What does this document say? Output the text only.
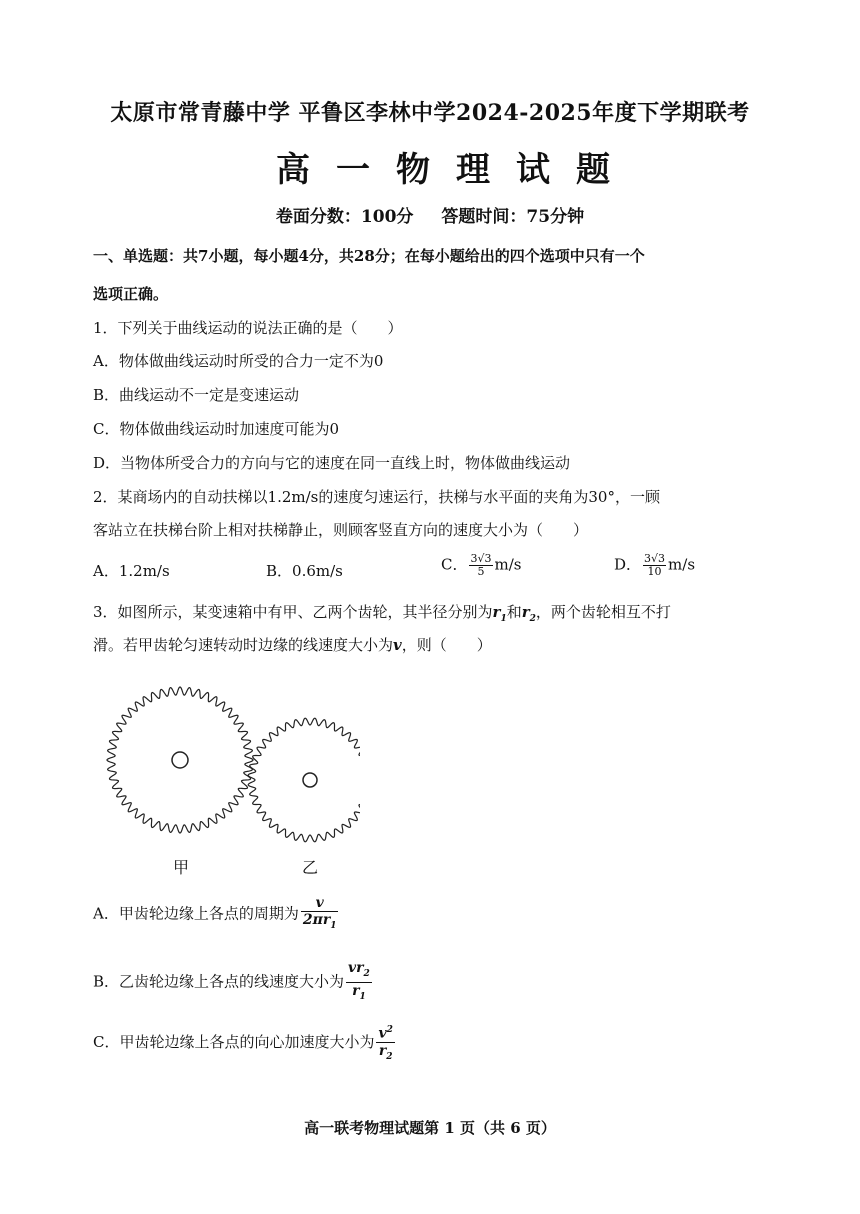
太原市常青藤中学 平鲁区李林中学2024-2025年度下学期联考
高一物理试题
卷面分数：100分 答题时间：75分钟
一、单选题：共7小题，每小题4分，共28分；在每小题给出的四个选项中只有一个
选项正确。
1．下列关于曲线运动的说法正确的是（　　）
A．物体做曲线运动时所受的合力一定不为0
B．曲线运动不一定是变速运动
C．物体做曲线运动时加速度可能为0
D．当物体所受合力的方向与它的速度在同一直线上时，物体做曲线运动
2．某商场内的自动扶梯以1.2m/s的速度匀速运行，扶梯与水平面的夹角为30°，一顾
客站立在扶梯台阶上相对扶梯静止，则顾客竖直方向的速度大小为（　　）
A．1.2m/s	B．0.6m/s	C． $\frac{3√3}{5} m/s$	D． $\frac{3√3}{10} m/s$
3．如图所示，某变速箱中有甲、乙两个齿轮，其半径分别为$r_1$和$r_2$，两个齿轮相互不打
滑。若甲齿轮匀速转动时边缘的线速度大小为v，则（　　）
甲	乙
A．甲齿轮边缘上各点的周期为 $\frac{v}{2\pi r_1}$
B．乙齿轮边缘上各点的线速度大小为 $\frac{vr_2}{r_1}$
C．甲齿轮边缘上各点的向心加速度大小为 $\frac{v^2}{r_2}$
高一联考物理试题第 1 页（共 6 页）
